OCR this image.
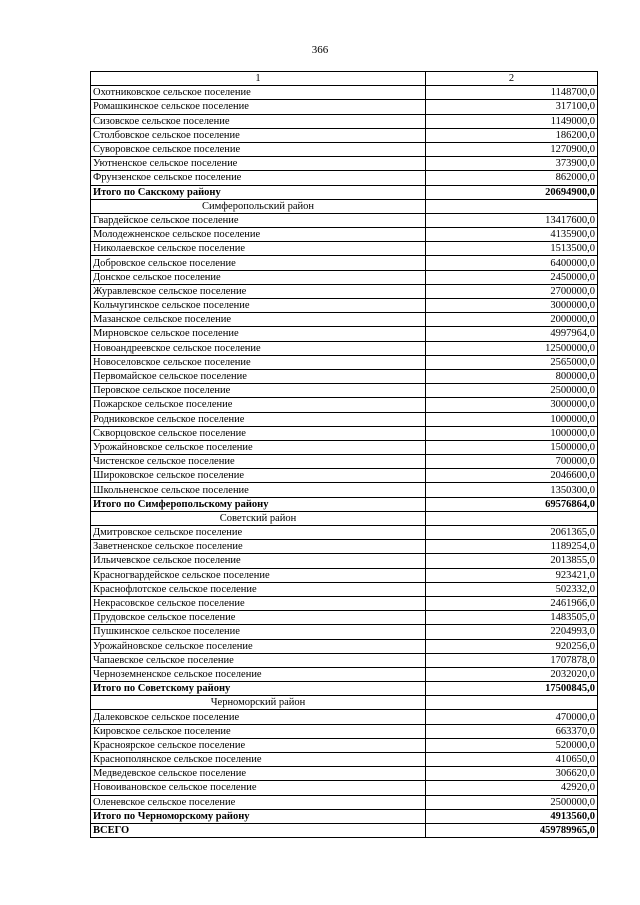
366
1	2
Охотниковское сельское поселение	1148700,0
Ромашкинское сельское поселение	317100,0
Сизовское сельское поселение	1149000,0
Столбовское сельское поселение	186200,0
Суворовское сельское поселение	1270900,0
Уютненское сельское поселение	373900,0
Фрунзенское сельское поселение	862000,0
Итого по Сакскому району	20694900,0
Симферопольский район	
Гвардейское сельское поселение	13417600,0
Молодежненское сельское поселение	4135900,0
Николаевское сельское поселение	1513500,0
Добровское сельское поселение	6400000,0
Донское сельское поселение	2450000,0
Журавлевское сельское поселение	2700000,0
Кольчугинское сельское поселение	3000000,0
Мазанское сельское поселение	2000000,0
Мирновское сельское поселение	4997964,0
Новоандреевское сельское поселение	12500000,0
Новоселовское сельское поселение	2565000,0
Первомайское сельское поселение	800000,0
Перовское сельское поселение	2500000,0
Пожарское сельское поселение	3000000,0
Родниковское сельское поселение	1000000,0
Скворцовское сельское поселение	1000000,0
Урожайновское сельское поселение	1500000,0
Чистенское сельское поселение	700000,0
Широковское сельское поселение	2046600,0
Школьненское сельское поселение	1350300,0
Итого по Симферопольскому району	69576864,0
Советский район	
Дмитровское сельское поселение	2061365,0
Заветненское сельское поселение	1189254,0
Ильичевское сельское поселение	2013855,0
Красногвардейское сельское поселение	923421,0
Краснофлотское сельское поселение	502332,0
Некрасовское сельское поселение	2461966,0
Прудовское сельское поселение	1483505,0
Пушкинское сельское поселение	2204993,0
Урожайновское сельское поселение	920256,0
Чапаевское сельское поселение	1707878,0
Черноземненское сельское поселение	2032020,0
Итого по Советскому району	17500845,0
Черноморский район	
Далековское сельское поселение	470000,0
Кировское сельское поселение	663370,0
Краснoярское сельское поселение	520000,0
Краснополянское сельское поселение	410650,0
Медведевское сельское поселение	306620,0
Новоивановское сельское поселение	42920,0
Оленевское сельское поселение	2500000,0
Итого по Черноморскому району	4913560,0
ВСЕГО	459789965,0
